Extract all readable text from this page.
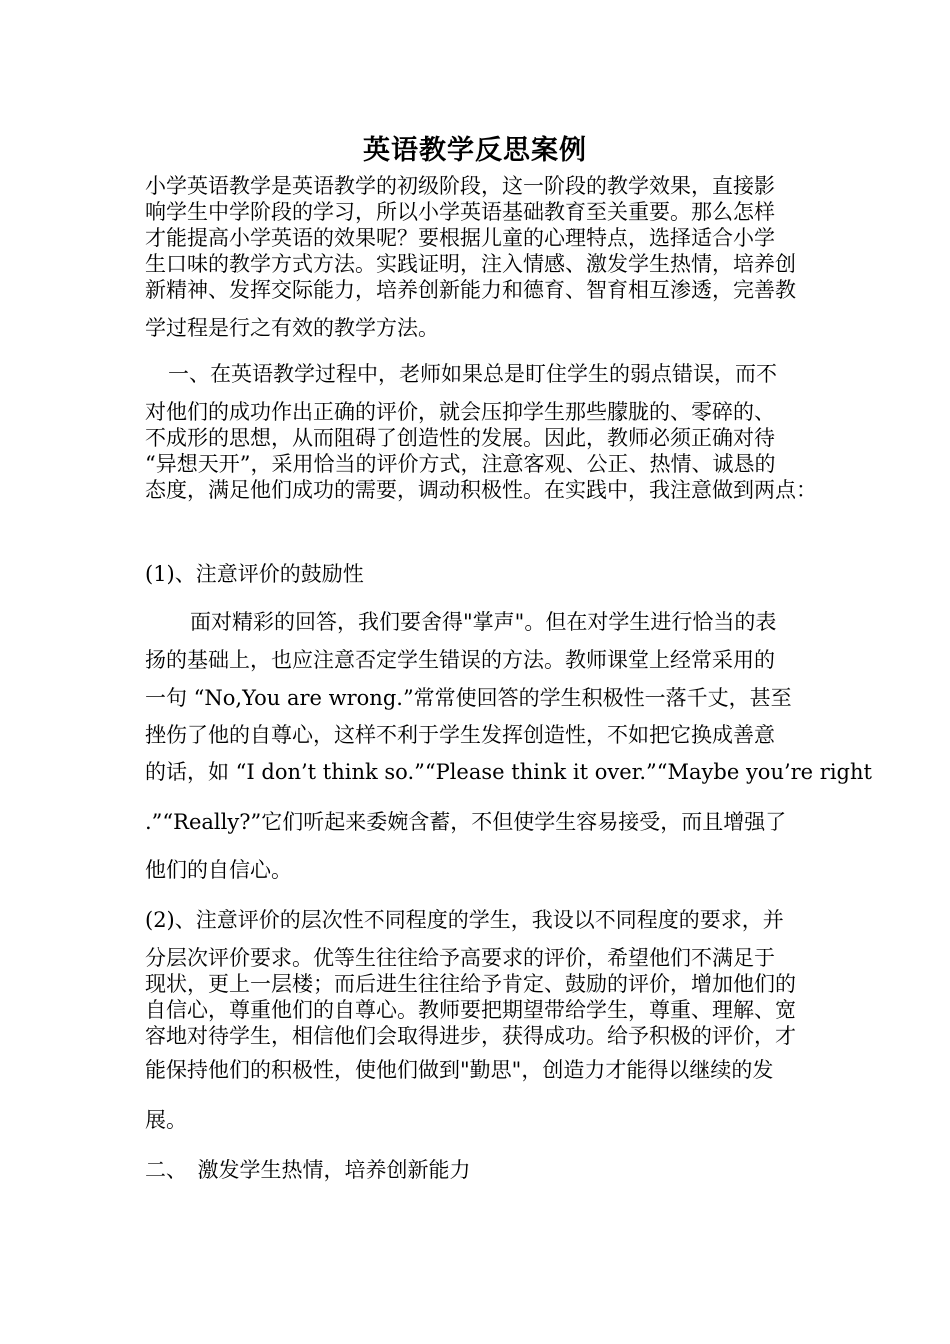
英语教学反思案例
小学英语教学是英语教学的初级阶段，这一阶段的教学效果，直接影
响学生中学阶段的学习，所以小学英语基础教育至关重要。那么怎样
才能提高小学英语的效果呢？要根据儿童的心理特点，选择适合小学
生口味的教学方式方法。实践证明，注入情感、激发学生热情，培养创
新精神、发挥交际能力，培养创新能力和德育、智育相互渗透，完善教
学过程是行之有效的教学方法。
一、在英语教学过程中，老师如果总是盯住学生的弱点错误，而不
对他们的成功作出正确的评价，就会压抑学生那些朦胧的、零碎的、
不成形的思想，从而阻碍了创造性的发展。因此，教师必须正确对待
“异想天开”，采用恰当的评价方式，注意客观、公正、热情、诚恳的
态度，满足他们成功的需要，调动积极性。在实践中，我注意做到两点：
(1)、注意评价的鼓励性
面对精彩的回答，我们要舍得"掌声"。但在对学生进行恰当的表
扬的基础上，也应注意否定学生错误的方法。教师课堂上经常采用的
一句 “No,You are wrong.”常常使回答的学生积极性一落千丈，甚至
挫伤了他的自尊心，这样不利于学生发挥创造性，不如把它换成善意
的话，如 “I don’t think so.”“Please think it over.”“Maybe you’re right
.”“Really?”它们听起来委婉含蓄，不但使学生容易接受，而且增强了
他们的自信心。
(2)、注意评价的层次性不同程度的学生，我设以不同程度的要求，并
分层次评价要求。优等生往往给予高要求的评价，希望他们不满足于
现状，更上一层楼；而后进生往往给予肯定、鼓励的评价，增加他们的
自信心，尊重他们的自尊心。教师要把期望带给学生，尊重、理解、宽
容地对待学生，相信他们会取得进步，获得成功。给予积极的评价，才
能保持他们的积极性，使他们做到"勤思"，创造力才能得以继续的发
展。
二、　激发学生热情，培养创新能力
